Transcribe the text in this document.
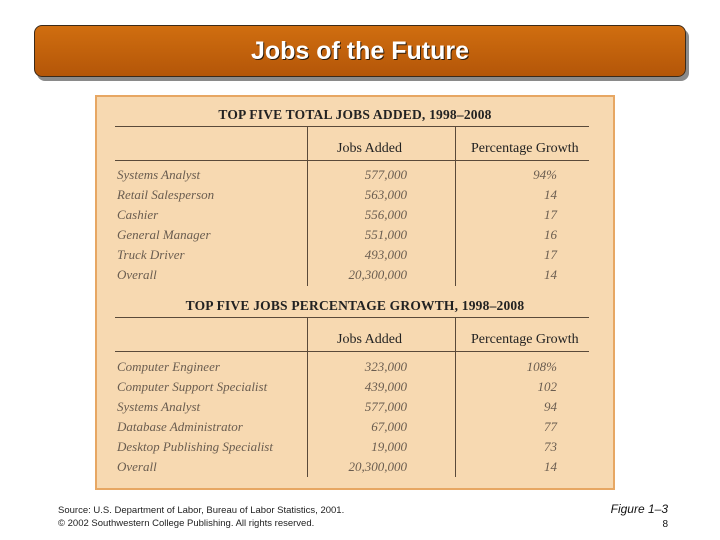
Jobs of the Future
TOP FIVE TOTAL JOBS ADDED, 1998–2008
Jobs Added	Percentage Growth
Systems Analyst	577,000	94%
Retail Salesperson	563,000	14
Cashier	556,000	17
General Manager	551,000	16
Truck Driver	493,000	17
Overall	20,300,000	14
TOP FIVE JOBS PERCENTAGE GROWTH, 1998–2008
Jobs Added	Percentage Growth
Computer Engineer	323,000	108%
Computer Support Specialist	439,000	102
Systems Analyst	577,000	94
Database Administrator	67,000	77
Desktop Publishing Specialist	19,000	73
Overall	20,300,000	14
Source: U.S. Department of Labor, Bureau of Labor Statistics, 2001.
© 2002 Southwestern College Publishing. All rights reserved.
Figure 1–3
8
